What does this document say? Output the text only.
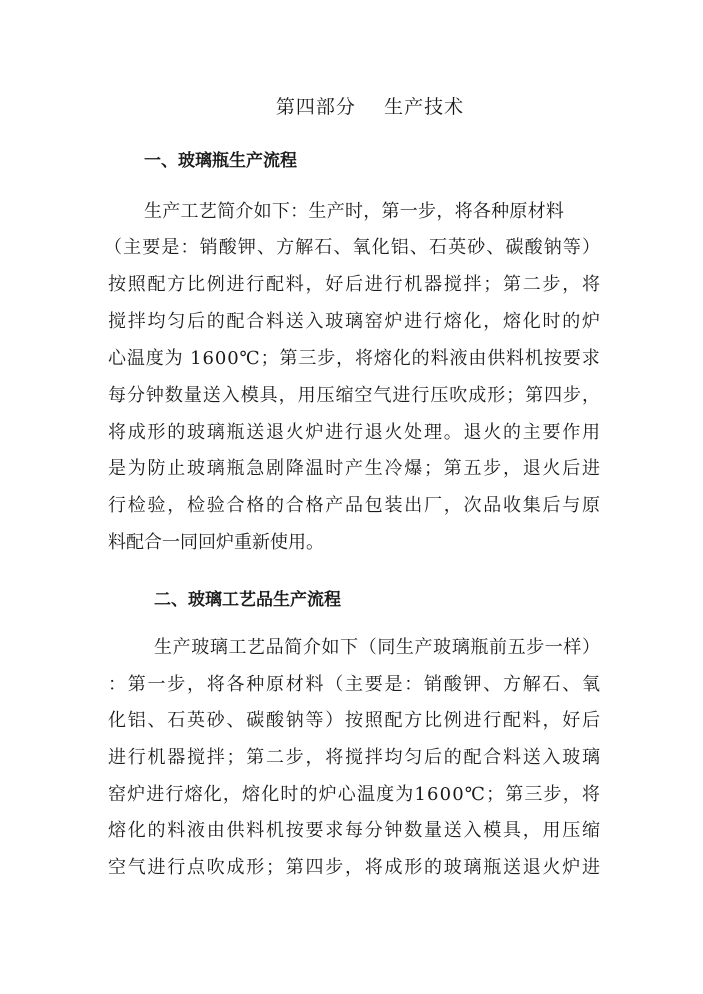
第四部分    生产技术
一、玻璃瓶生产流程
生产工艺简介如下：生产时，第一步，将各种原材料
（主要是：销酸钾、方解石、氧化铝、石英砂、碳酸钠等）
按照配方比例进行配料，好后进行机器搅拌；第二步，将
搅拌均匀后的配合料送入玻璃窑炉进行熔化，熔化时的炉
心温度为 1600℃；第三步，将熔化的料液由供料机按要求
每分钟数量送入模具，用压缩空气进行压吹成形；第四步，
将成形的玻璃瓶送退火炉进行退火处理。退火的主要作用
是为防止玻璃瓶急剧降温时产生冷爆；第五步，退火后进
行检验，检验合格的合格产品包装出厂，次品收集后与原
料配合一同回炉重新使用。
二、玻璃工艺品生产流程
生产玻璃工艺品简介如下（同生产玻璃瓶前五步一样）
：第一步，将各种原材料（主要是：销酸钾、方解石、氧
化铝、石英砂、碳酸钠等）按照配方比例进行配料，好后
进行机器搅拌；第二步，将搅拌均匀后的配合料送入玻璃
窑炉进行熔化，熔化时的炉心温度为1600℃；第三步，将
熔化的料液由供料机按要求每分钟数量送入模具，用压缩
空气进行点吹成形；第四步，将成形的玻璃瓶送退火炉进
